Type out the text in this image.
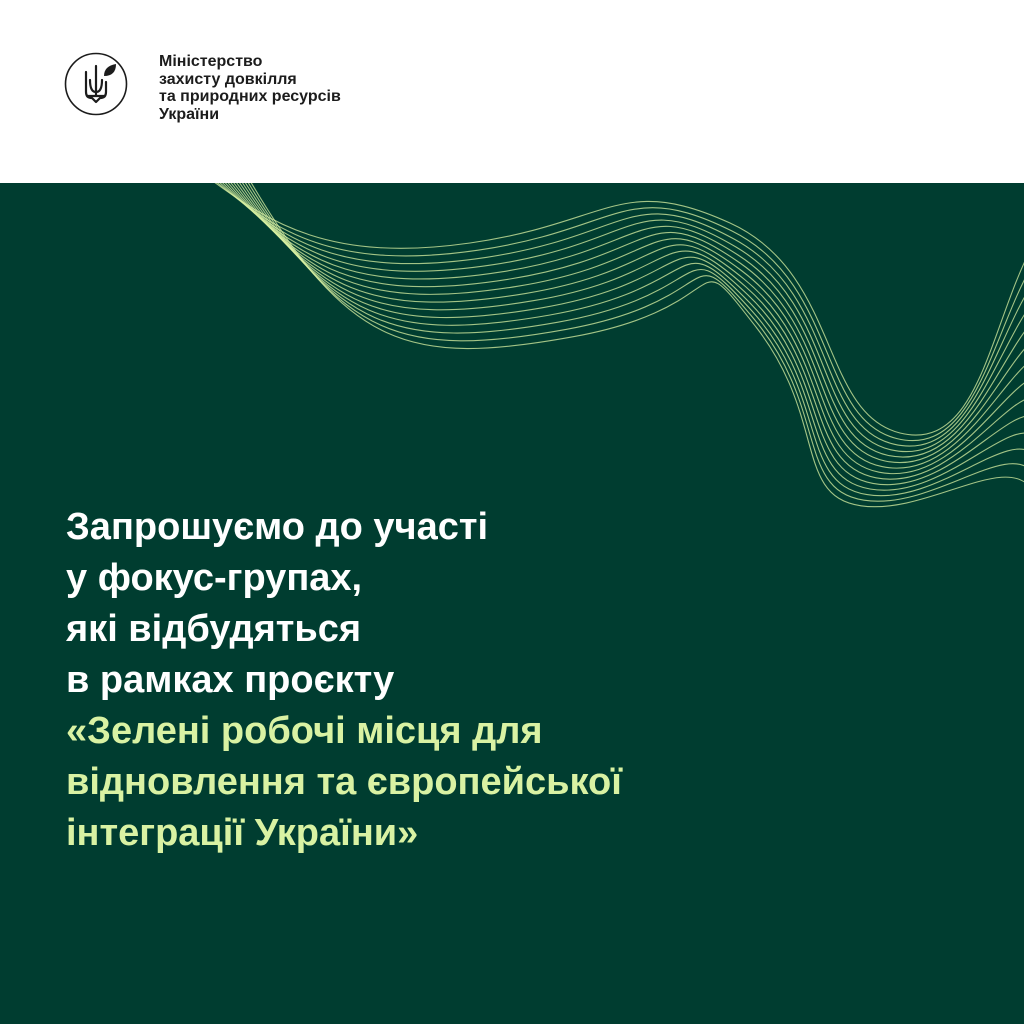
Міністерство
захисту довкілля
та природних ресурсів
України

Запрошуємо до участі
у фокус-групах,
які відбудяться
в рамках проєкту
«Зелені робочі місця для
відновлення та європейської
інтеграції України»
